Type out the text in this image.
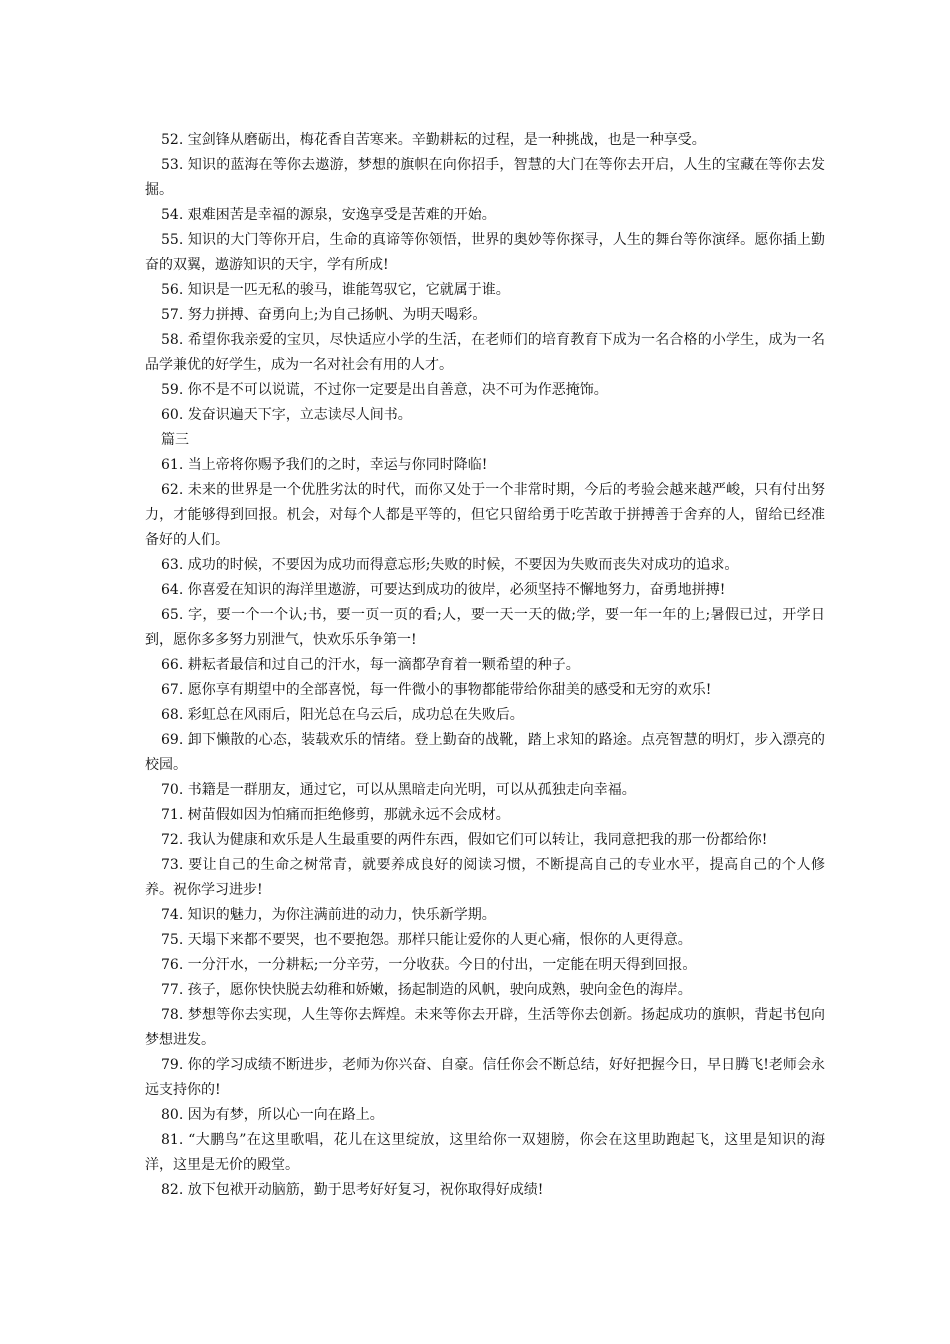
52. 宝剑锋从磨砺出，梅花香自苦寒来。辛勤耕耘的过程，是一种挑战，也是一种享受。

53. 知识的蓝海在等你去遨游，梦想的旗帜在向你招手，智慧的大门在等你去开启，人生的宝藏在等你去发掘。

54. 艰难困苦是幸福的源泉，安逸享受是苦难的开始。

55. 知识的大门等你开启，生命的真谛等你领悟，世界的奥妙等你探寻，人生的舞台等你演绎。愿你插上勤奋的双翼，遨游知识的天宇，学有所成!

56. 知识是一匹无私的骏马，谁能驾驭它，它就属于谁。

57. 努力拼搏、奋勇向上;为自己扬帆、为明天喝彩。

58. 希望你我亲爱的宝贝，尽快适应小学的生活，在老师们的培育教育下成为一名合格的小学生，成为一名品学兼优的好学生，成为一名对社会有用的人才。

59. 你不是不可以说谎，不过你一定要是出自善意，决不可为作恶掩饰。

60. 发奋识遍天下字，立志读尽人间书。

篇三

61. 当上帝将你赐予我们的之时，幸运与你同时降临!

62. 未来的世界是一个优胜劣汰的时代，而你又处于一个非常时期，今后的考验会越来越严峻，只有付出努力，才能够得到回报。机会，对每个人都是平等的，但它只留给勇于吃苦敢于拼搏善于舍弃的人，留给已经准备好的人们。

63. 成功的时候，不要因为成功而得意忘形;失败的时候，不要因为失败而丧失对成功的追求。

64. 你喜爱在知识的海洋里遨游，可要达到成功的彼岸，必须坚持不懈地努力，奋勇地拼搏!

65. 字，要一个一个认;书，要一页一页的看;人，要一天一天的做;学，要一年一年的上;暑假已过，开学日到，愿你多多努力别泄气，快欢乐乐争第一!

66. 耕耘者最信和过自己的汗水，每一滴都孕育着一颗希望的种子。

67. 愿你享有期望中的全部喜悦，每一件微小的事物都能带给你甜美的感受和无穷的欢乐!

68. 彩虹总在风雨后，阳光总在乌云后，成功总在失败后。

69. 卸下懒散的心态，装载欢乐的情绪。登上勤奋的战靴，踏上求知的路途。点亮智慧的明灯，步入漂亮的校园。

70. 书籍是一群朋友，通过它，可以从黑暗走向光明，可以从孤独走向幸福。

71. 树苗假如因为怕痛而拒绝修剪，那就永远不会成材。

72. 我认为健康和欢乐是人生最重要的两件东西，假如它们可以转让，我同意把我的那一份都给你!

73. 要让自己的生命之树常青，就要养成良好的阅读习惯，不断提高自己的专业水平，提高自己的个人修养。祝你学习进步!

74. 知识的魅力，为你注满前进的动力，快乐新学期。

75. 天塌下来都不要哭，也不要抱怨。那样只能让爱你的人更心痛，恨你的人更得意。

76. 一分汗水，一分耕耘;一分辛劳，一分收获。今日的付出，一定能在明天得到回报。

77. 孩子，愿你快快脱去幼稚和娇嫩，扬起制造的风帆，驶向成熟，驶向金色的海岸。

78. 梦想等你去实现，人生等你去辉煌。未来等你去开辟，生活等你去创新。扬起成功的旗帜，背起书包向梦想进发。

79. 你的学习成绩不断进步，老师为你兴奋、自豪。信任你会不断总结，好好把握今日，早日腾飞!老师会永远支持你的!

80. 因为有梦，所以心一向在路上。

81. “大鹏鸟”在这里歌唱，花儿在这里绽放，这里给你一双翅膀，你会在这里助跑起飞，这里是知识的海洋，这里是无价的殿堂。

82. 放下包袱开动脑筋，勤于思考好好复习，祝你取得好成绩!
